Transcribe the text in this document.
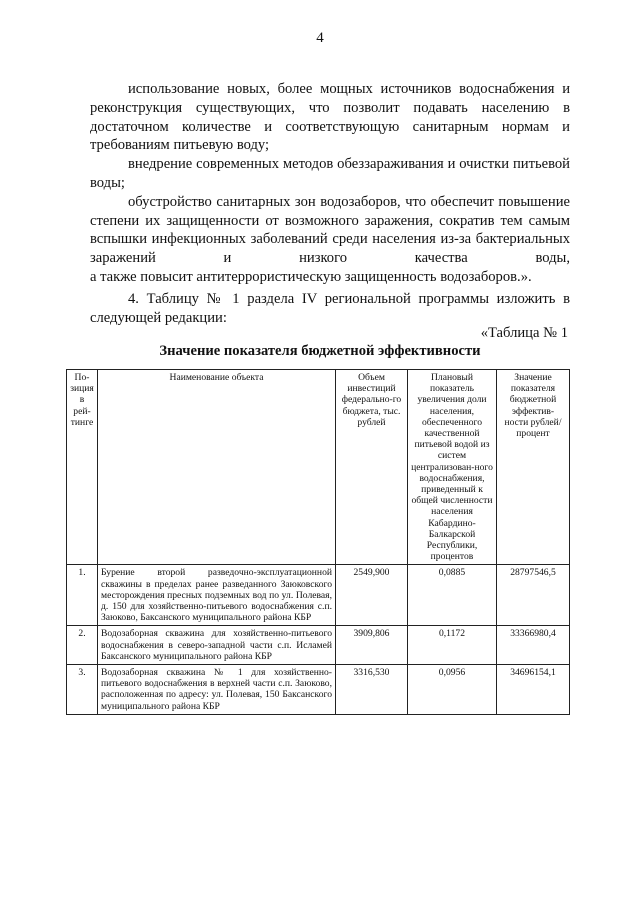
4

использование новых, более мощных источников водоснабжения и реконструкция существующих, что позволит подавать населению в достаточном количестве и соответствующую санитарным нормам и требованиям питьевую воду;

внедрение современных методов обеззараживания и очистки питьевой воды;

обустройство санитарных зон водозаборов, что обеспечит повышение степени их защищенности от возможного заражения, сократив тем самым вспышки инфекционных заболеваний среди населения из-за бактериальных заражений и низкого качества воды,

а также повысит антитеррористическую защищенность водозаборов.».

4. Таблицу № 1 раздела IV региональной программы изложить в следующей редакции:

«Таблица № 1
Значение показателя бюджетной эффективности
По-зиция в рей-тинге	Наименование объекта	Объем инвестиций федерально-го бюджета, тыс. рублей	Плановый показатель увеличения доли населения, обеспеченного качественной питьевой водой из систем централизован-ного водоснабжения, приведенный к общей численности населения Кабардино-Балкарской Республики, процентов	Значение показателя бюджетной эффектив-ности рублей/ процент
1.	Бурение второй разведочно-эксплуатационной скважины в пределах ранее разведанного Заюковского месторождения пресных подземных вод по ул. Полевая, д. 150 для хозяйственно-питьевого водоснабжения с.п. Заюково, Баксанского муниципального района КБР	2549,900	0,0885	28797546,5
2.	Водозаборная скважина для хозяйственно-питьевого водоснабжения в северо-западной части с.п. Исламей Баксанского муниципального района КБР	3909,806	0,1172	33366980,4
3.	Водозаборная скважина № 1 для хозяйственно-питьевого водоснабжения в верхней части с.п. Заюково, расположенная по адресу: ул. Полевая, 150 Баксанского муниципального района КБР	3316,530	0,0956	34696154,1
